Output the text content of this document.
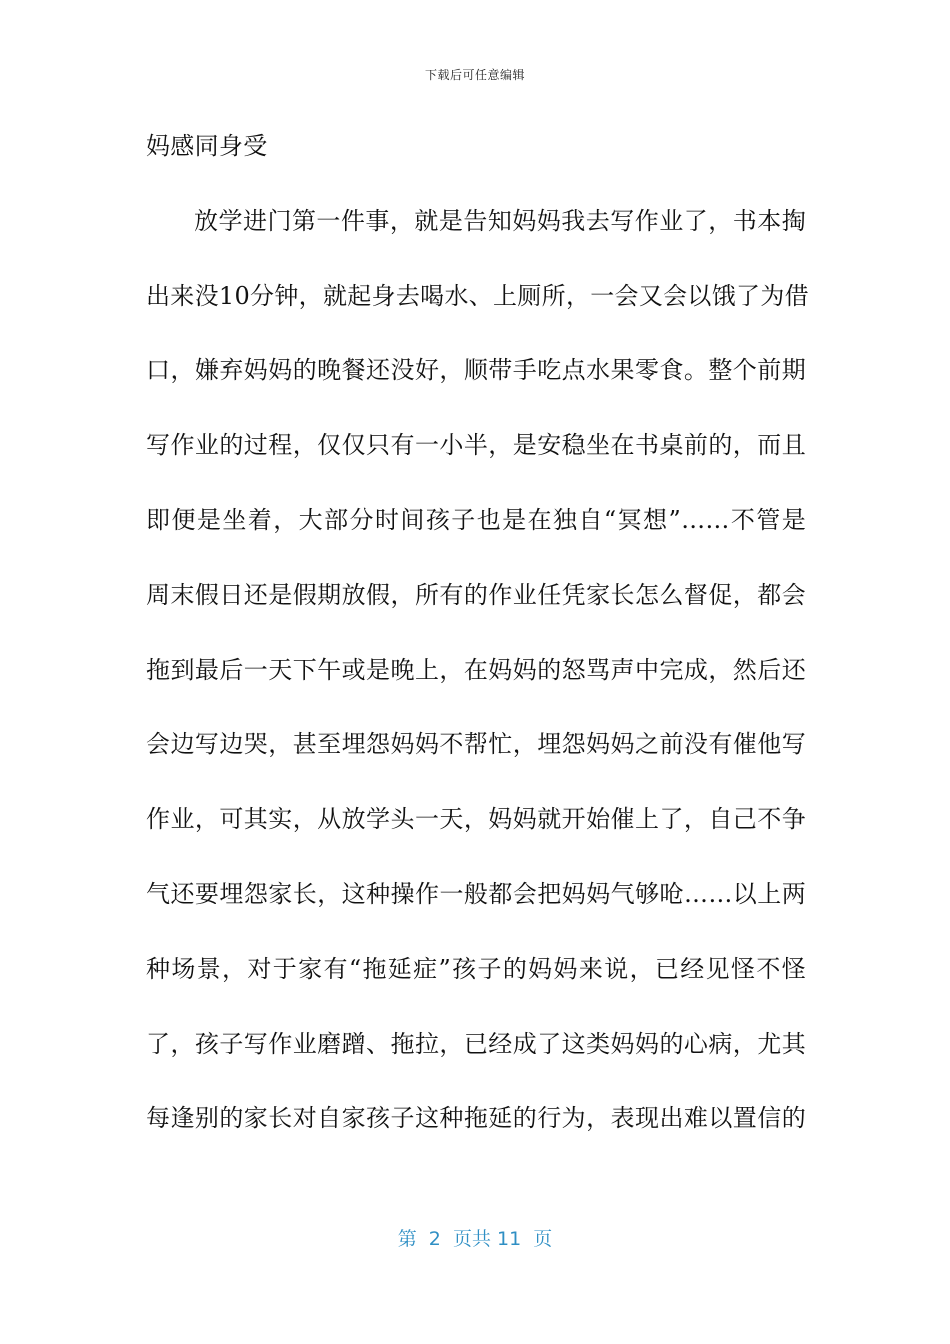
下载后可任意编辑
妈感同身受
放学进门第一件事，就是告知妈妈我去写作业了，书本掏
出来没10分钟，就起身去喝水、上厕所，一会又会以饿了为借
口，嫌弃妈妈的晚餐还没好，顺带手吃点水果零食。整个前期
写作业的过程，仅仅只有一小半，是安稳坐在书桌前的，而且
即便是坐着，大部分时间孩子也是在独自“冥想”……不管是
周末假日还是假期放假，所有的作业任凭家长怎么督促，都会
拖到最后一天下午或是晚上，在妈妈的怒骂声中完成，然后还
会边写边哭，甚至埋怨妈妈不帮忙，埋怨妈妈之前没有催他写
作业，可其实，从放学头一天，妈妈就开始催上了，自己不争
气还要埋怨家长，这种操作一般都会把妈妈气够呛……以上两
种场景，对于家有“拖延症”孩子的妈妈来说，已经见怪不怪
了，孩子写作业磨蹭、拖拉，已经成了这类妈妈的心病，尤其
每逢别的家长对自家孩子这种拖延的行为，表现出难以置信的
第  2  页共 11  页
